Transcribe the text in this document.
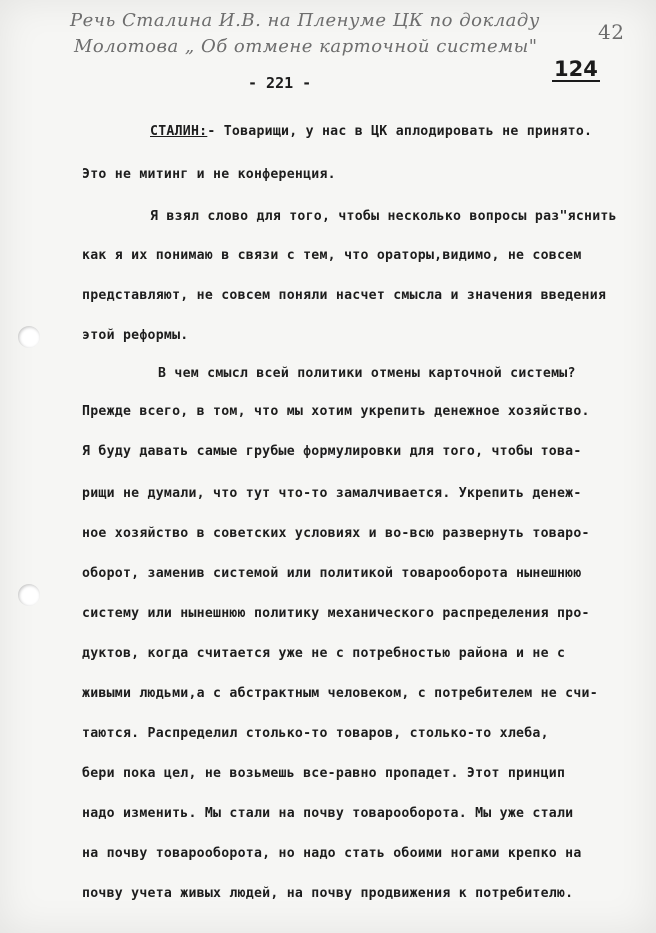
Речь Сталина И.В. на Пленуме ЦК по докладу
Молотова „ Об отмене карточной системы"
42
- 221 -
124
СТАЛИН:- Товарищи, у нас в ЦК аплодировать не принято.
Это не митинг и не конференция.
Я взял слово для того, чтобы несколько вопросы раз"яснить
как я их понимаю в связи с тем, что ораторы,видимо, не совсем
представляют, не совсем поняли насчет смысла и значения введения
этой реформы.
В чем смысл всей политики отмены карточной системы?
Прежде всего, в том, что мы хотим укрепить денежное хозяйство.
Я буду давать самые грубые формулировки для того, чтобы това-
рищи не думали, что тут что-то замалчивается. Укрепить денеж-
ное хозяйство в советских условиях и во-всю развернуть товаро-
оборот, заменив системой или политикой товарооборота нынешнюю
систему или нынешнюю политику механического распределения про-
дуктов, когда считается уже не с потребностью района и не с
живыми людьми,а с абстрактным человеком, с потребителем не счи-
таются. Распределил столько-то товаров, столько-то хлеба,
бери пока цел, не возьмешь все-равно пропадет. Этот принцип
надо изменить. Мы стали на почву товарооборота. Мы уже стали
на почву товарооборота, но надо стать обоими ногами крепко на
почву учета живых людей, на почву продвижения к потребителю.
